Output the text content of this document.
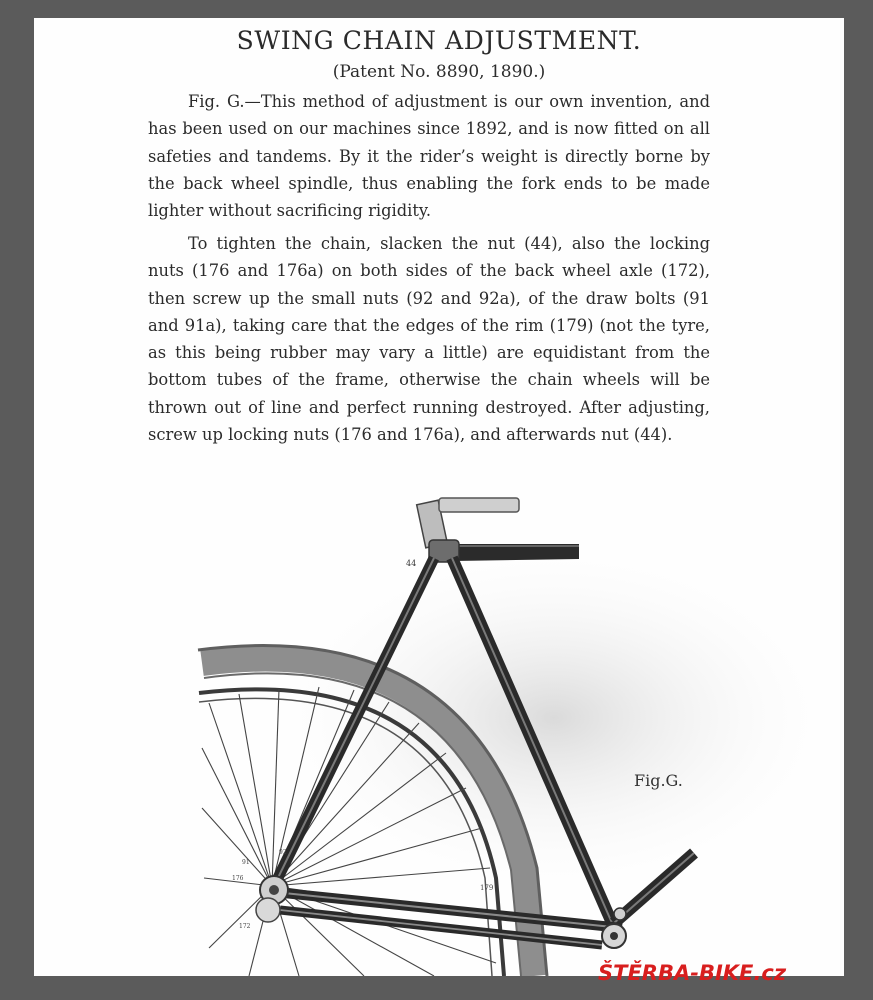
SWING CHAIN ADJUSTMENT.
(Patent No. 8890, 1890.)

Fig. G.—This method of adjustment is our own invention, and has been used on our machines since 1892, and is now fitted on all safeties and tandems. By it the rider’s weight is directly borne by the back wheel spindle, thus enabling the fork ends to be made lighter without sacrificing rigidity.

To tighten the chain, slacken the nut (44), also the locking nuts (176 and 176a) on both sides of the back wheel axle (172), then screw up the small nuts (92 and 92a), of the draw bolts (91 and 91a), taking care that the edges of the rim (179) (not the tyre, as this being rubber may vary a little) are equidistant from the bottom tubes of the frame, otherwise the chain wheels will be thrown out of line and perfect running destroyed. After adjusting, screw up locking nuts (176 and 176a), and afterwards nut (44).

44
179
92
91
176
172
Fig.G.
ŠTĚRBA-BIKE.cz
